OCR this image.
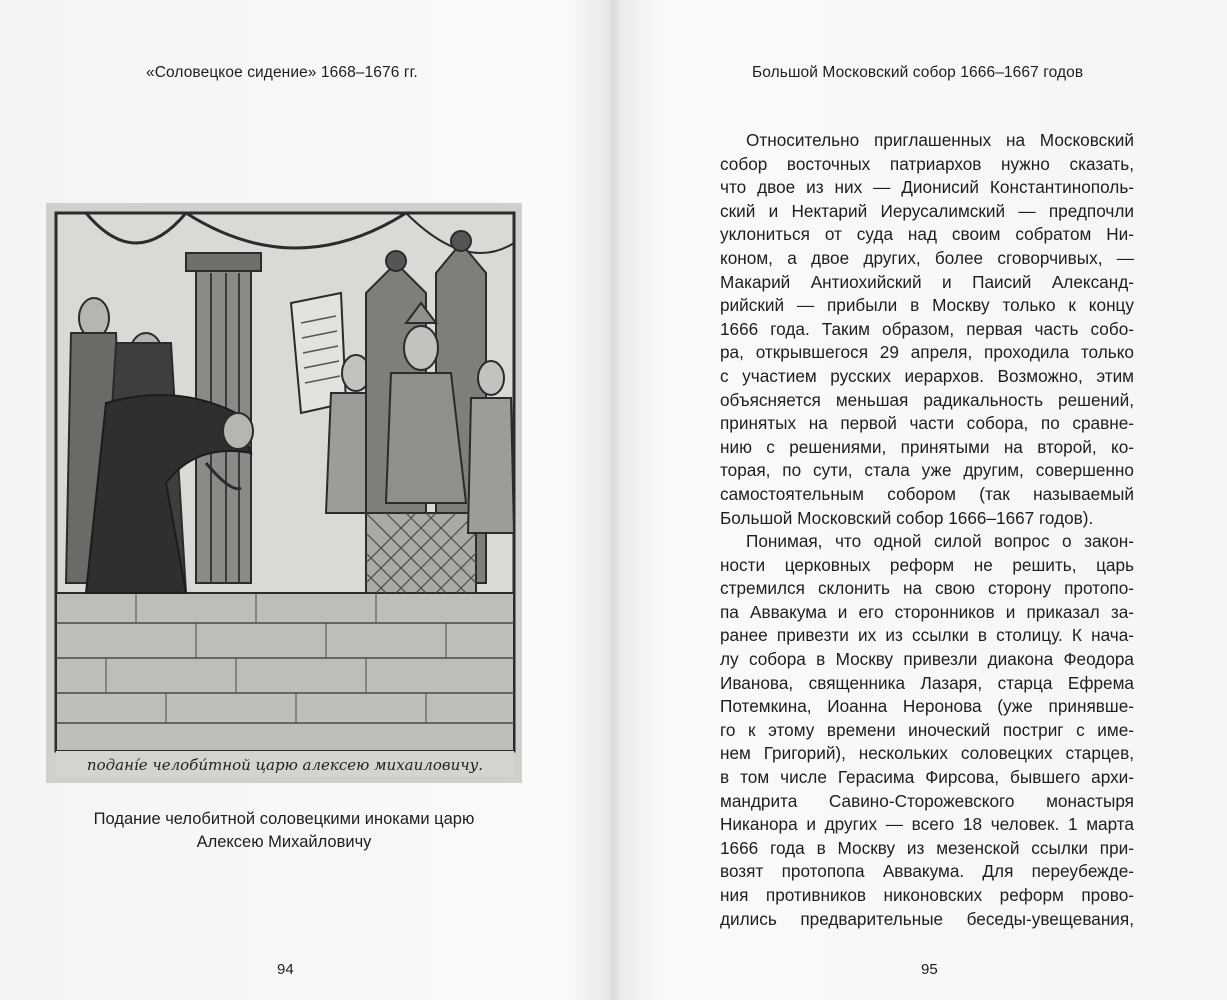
«Соловецкое сидение» 1668–1676 гг.
подані́е челоби́тной царю алексею михаиловичу.
Подание челобитной соловецкими иноками царю
Алексею Михайловичу
94
Большой Московский собор 1666–1667 годов
Относительно приглашенных на Московский
собор восточных патриархов нужно сказать,
что двое из них — Дионисий Константинополь-
ский и Нектарий Иерусалимский — предпочли
уклониться от суда над своим собратом Ни-
коном, а двое других, более сговорчивых, —
Макарий Антиохийский и Паисий Александ-
рийский — прибыли в Москву только к концу
1666 года. Таким образом, первая часть собо-
ра, открывшегося 29 апреля, проходила только
с участием русских иерархов. Возможно, этим
объясняется меньшая радикальность решений,
принятых на первой части собора, по сравне-
нию с решениями, принятыми на второй, ко-
торая, по сути, стала уже другим, совершенно
самостоятельным собором (так называемый
Большой Московский собор 1666–1667 годов).
Понимая, что одной силой вопрос о закон-
ности церковных реформ не решить, царь
стремился склонить на свою сторону протопо-
па Аввакума и его сторонников и приказал за-
ранее привезти их из ссылки в столицу. К нача-
лу собора в Москву привезли диакона Феодора
Иванова, священника Лазаря, старца Ефрема
Потемкина, Иоанна Неронова (уже принявше-
го к этому времени иноческий постриг с име-
нем Григорий), нескольких соловецких старцев,
в том числе Герасима Фирсова, бывшего архи-
мандрита Савино-Сторожевского монастыря
Никанора и других — всего 18 человек. 1 марта
1666 года в Москву из мезенской ссылки при-
возят протопопа Аввакума. Для переубежде-
ния противников никоновских реформ прово-
дились предварительные беседы-увещевания,
95
